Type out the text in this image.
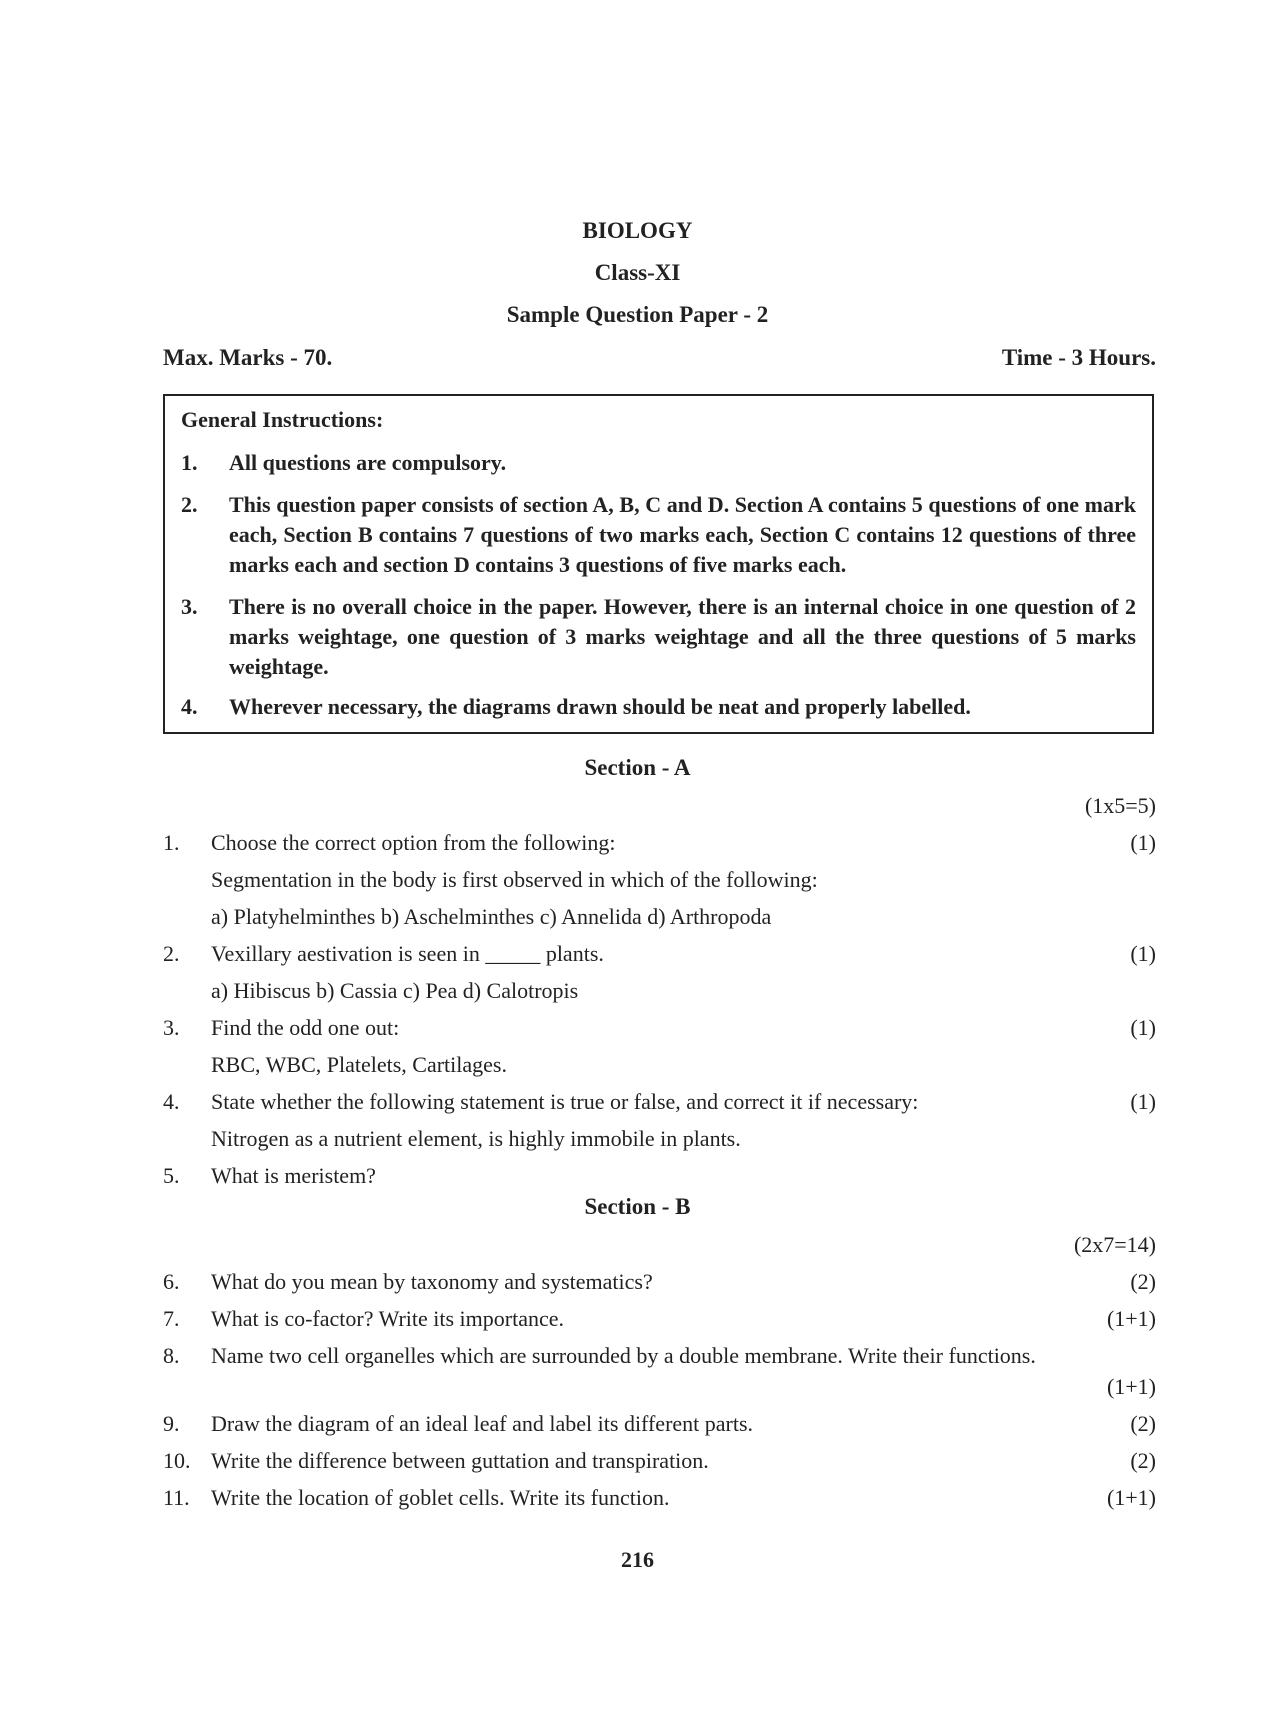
BIOLOGY
Class-XI
Sample Question Paper - 2
Max. Marks - 70.	Time - 3 Hours.
General Instructions:
1. All questions are compulsory.
2. This question paper consists of section A, B, C and D. Section A contains 5 questions of one mark each, Section B contains 7 questions of two marks each, Section C contains 12 questions of three marks each and section D contains 3 questions of five marks each.
3. There is no overall choice in the paper. However, there is an internal choice in one question of 2 marks weightage, one question of 3 marks weightage and all the three questions of 5 marks weightage.
4. Wherever necessary, the diagrams drawn should be neat and properly labelled.
Section - A
(1x5=5)
1. Choose the correct option from the following:	(1)
Segmentation in the body is first observed in which of the following:
a) Platyhelminthes b) Aschelminthes c) Annelida d) Arthropoda
2. Vexillary aestivation is seen in _____ plants.	(1)
a) Hibiscus b) Cassia c) Pea d) Calotropis
3. Find the odd one out:	(1)
RBC, WBC, Platelets, Cartilages.
4. State whether the following statement is true or false, and correct it if necessary:	(1)
Nitrogen as a nutrient element, is highly immobile in plants.
5. What is meristem?
Section - B
(2x7=14)
6. What do you mean by taxonomy and systematics?	(2)
7. What is co-factor? Write its importance.	(1+1)
8. Name two cell organelles which are surrounded by a double membrane. Write their functions.
(1+1)
9. Draw the diagram of an ideal leaf and label its different parts.	(2)
10. Write the difference between guttation and transpiration.	(2)
11. Write the location of goblet cells. Write its function.	(1+1)
216
